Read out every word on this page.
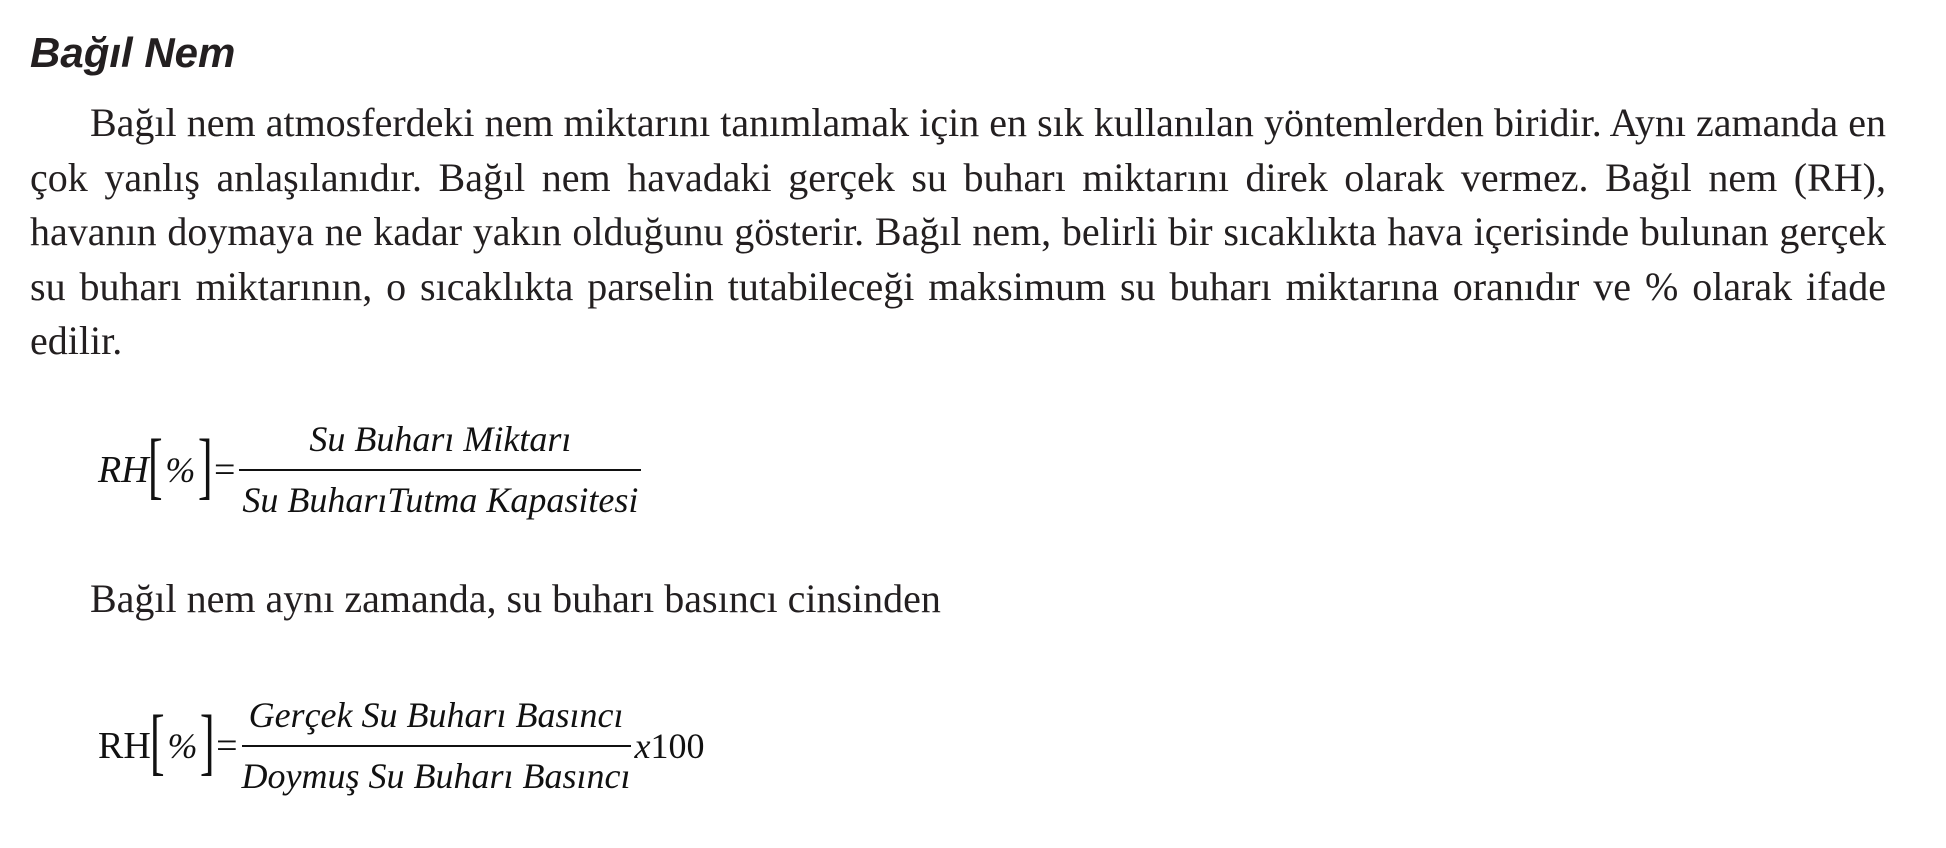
Bağıl Nem

Bağıl nem atmosferdeki nem miktarını tanımlamak için en sık kullanılan yöntemlerden biridir. Aynı zamanda en çok yanlış anlaşılanıdır. Bağıl nem havadaki gerçek su buharı miktarını direk olarak vermez. Bağıl nem (RH), havanın doymaya ne kadar yakın olduğunu gösterir. Bağıl nem, belirli bir sıcaklıkta hava içerisinde bulunan gerçek su buharı miktarının, o sıcaklıkta parselin tutabileceği maksimum su buharı miktarına oranıdır ve % olarak ifade edilir.

RH
[ % ] = $\frac{\text{Su Buharı Miktarı}}{\text{Su BuharıTutma Kapasitesi}}$

Bağıl nem aynı zamanda, su buharı basıncı cinsinden

RH
[ % ] = $\frac{\text{Gerçek Su Buharı Basıncı}}{\text{Doymuş Su Buharı Basıncı}} x100$
